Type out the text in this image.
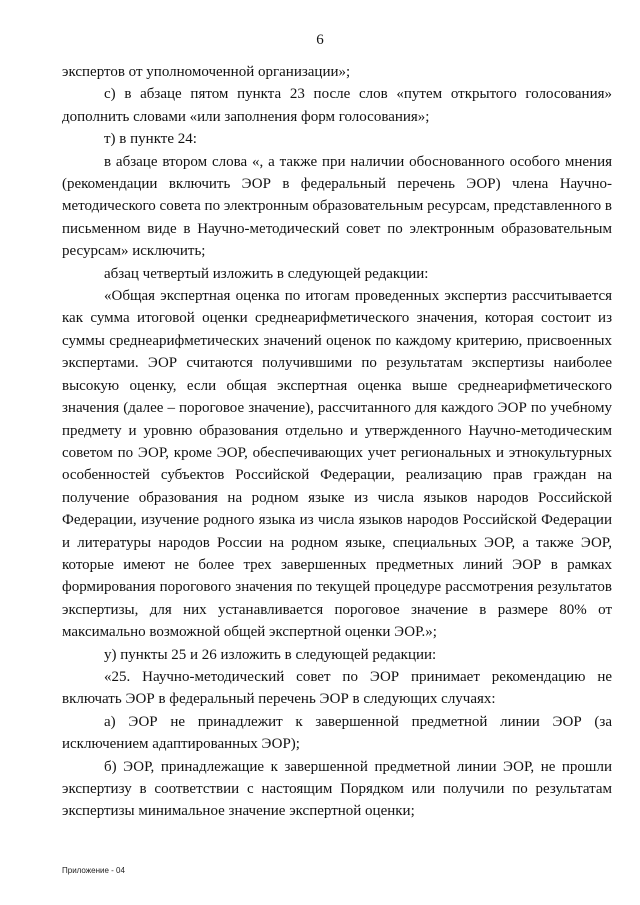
6

экспертов от уполномоченной организации»;

с) в абзаце пятом пункта 23 после слов «путем открытого голосования» дополнить словами «или заполнения форм голосования»;

т) в пункте 24:

в абзаце втором слова «, а также при наличии обоснованного особого мнения (рекомендации включить ЭОР в федеральный перечень ЭОР) члена Научно-методического совета по электронным образовательным ресурсам, представленного в письменном виде в Научно-методический совет по электронным образовательным ресурсам» исключить;

абзац четвертый изложить в следующей редакции:

«Общая экспертная оценка по итогам проведенных экспертиз рассчитывается как сумма итоговой оценки среднеарифметического значения, которая состоит из суммы среднеарифметических значений оценок по каждому критерию, присвоенных экспертами. ЭОР считаются получившими по результатам экспертизы наиболее высокую оценку, если общая экспертная оценка выше среднеарифметического значения (далее – пороговое значение), рассчитанного для каждого ЭОР по учебному предмету и уровню образования отдельно и утвержденного Научно-методическим советом по ЭОР, кроме ЭОР, обеспечивающих учет региональных и этнокультурных особенностей субъектов Российской Федерации, реализацию прав граждан на получение образования на родном языке из числа языков народов Российской Федерации, изучение родного языка из числа языков народов Российской Федерации и литературы народов России на родном языке, специальных ЭОР, а также ЭОР, которые имеют не более трех завершенных предметных линий ЭОР в рамках формирования порогового значения по текущей процедуре рассмотрения результатов экспертизы, для них устанавливается пороговое значение в размере 80% от максимально возможной общей экспертной оценки ЭОР.»;

у) пункты 25 и 26 изложить в следующей редакции:

«25. Научно-методический совет по ЭОР принимает рекомендацию не включать ЭОР в федеральный перечень ЭОР в следующих случаях:

а) ЭОР не принадлежит к завершенной предметной линии ЭОР (за исключением адаптированных ЭОР);

б) ЭОР, принадлежащие к завершенной предметной линии ЭОР, не прошли экспертизу в соответствии с настоящим Порядком или получили по результатам экспертизы минимальное значение экспертной оценки;

Приложение - 04
